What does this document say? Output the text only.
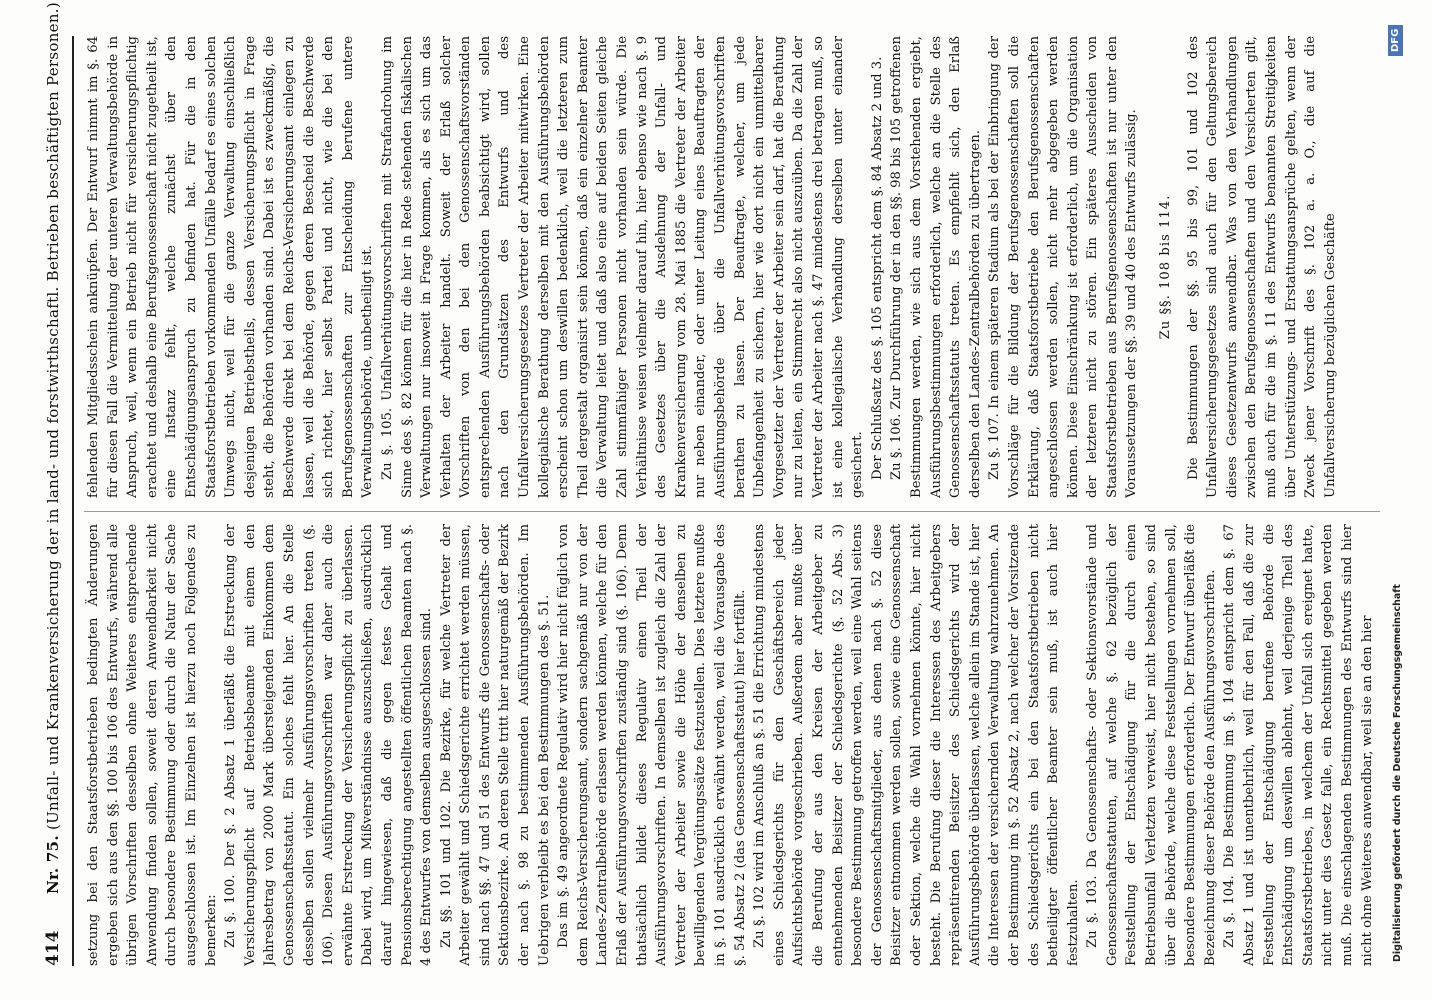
414
Nr. 75. (Unfall- und Krankenversicherung der in land- und forstwirthschaftl. Betrieben beschäftigten Personen.)	setzung bei den Staatsforstbetrieben bedingten Änderungen ergeben sich aus den §§. 100 bis 106 des Entwurfs, während alle übrigen Vorschriften desselben ohne Weiteres entsprechende Anwendung finden sollen, soweit deren Anwendbarkeit nicht durch besondere Bestimmung oder durch die Natur der Sache ausgeschlossen ist. Im Einzelnen ist hierzu noch Folgendes zu bemerken: Zu §. 100. Der §. 2 Absatz 1 überläßt die Erstreckung der Versicherungspflicht auf Betriebsbeamte mit einem den Jahresbetrag von 2000 Mark übersteigenden Einkommen dem Genossenschaftsstatut. Ein solches fehlt hier. An die Stelle desselben sollen vielmehr Ausführungsvorschriften treten (§. 106). Diesen Ausführungsvorschriften war daher auch die erwähnte Erstreckung der Versicherungspflicht zu überlassen. Dabei wird, um Mißverständnisse auszuschließen, ausdrücklich darauf hingewiesen, daß die gegen festes Gehalt und Pensionsberechtigung angestellten öffentlichen Beamten nach §. 4 des Entwurfes von demselben ausgeschlossen sind. Zu §§. 101 und 102. Die Bezirke, für welche Vertreter der Arbeiter gewählt und Schiedsgerichte errichtet werden müssen, sind nach §§. 47 und 51 des Entwurfs die Genossenschafts- oder Sektionsbezirke. An deren Stelle tritt hier naturgemäß der Bezirk der nach §. 98 zu bestimmenden Ausführungsbehörden. Im Uebrigen verbleibt es bei den Bestimmungen des §. 51. Das im §. 49 angeordnete Regulativ wird hier nicht füglich von dem Reichs-Versicherungsamt, sondern sachgemäß nur von der Landes-Zentralbehörde erlassen werden können, welche für den Erlaß der Ausführungsvorschriften zuständig sind (§. 106). Denn thatsächlich bildet dieses Regulativ einen Theil der Ausführungsvorschriften. In demselben ist zugleich die Zahl der Vertreter der Arbeiter sowie die Höhe der denselben zu bewilligenden Vergütungssätze festzustellen. Dies letztere mußte in §. 101 ausdrücklich erwähnt werden, weil die Vorausgabe des §. 54 Absatz 2 (das Genossenschaftsstatut) hier fortfällt. Zu §. 102 wird im Anschluß an §. 51 die Errichtung mindestens eines Schiedsgerichts für den Geschäftsbereich jeder Aufsichtsbehörde vorgeschrieben. Außerdem aber mußte über die Berufung der aus den Kreisen der Arbeitgeber zu entnehmenden Beisitzer der Schiedsgerichte (§. 52 Abs. 3) besondere Bestimmung getroffen werden, weil eine Wahl seitens der Genossenschaftsmitglieder, aus denen nach §. 52 diese Beisitzer entnommen werden sollen, sowie eine Genossenschaft oder Sektion, welche die Wahl vornehmen könnte, hier nicht besteht. Die Berufung dieser die Interessen des Arbeitgebers repräsentirenden Beisitzer des Schiedsgerichts wird der Ausführungsbehörde überlassen, welche allein im Stande ist, hier die Interessen der versichernden Verwaltung wahrzunehmen. An der Bestimmung im §. 52 Absatz 2, nach welcher der Vorsitzende des Schiedsgerichts ein bei den Staatsforstbetrieben nicht betheiligter öffentlicher Beamter sein muß, ist auch hier festzuhalten. Zu §. 103. Da Genossenschafts- oder Sektionsvorstände und Genossenschaftsstatuten, auf welche §. 62 bezüglich der Feststellung der Entschädigung für die durch einen Betriebsunfall Verletzten verweist, hier nicht bestehen, so sind über die Behörde, welche diese Feststellungen vornehmen soll, besondere Bestimmungen erforderlich. Der Entwurf überläßt die Bezeichnung dieser Behörde den Ausführungsvorschriften. Zu §. 104. Die Bestimmung im §. 104 entspricht dem §. 67 Absatz 1 und ist unentbehrlich, weil für den Fall, daß die zur Feststellung der Entschädigung berufene Behörde die Entschädigung um deswillen ablehnt, weil derjenige Theil des Staatsforstbetriebes, in welchem der Unfall sich ereignet hatte, nicht unter dies Gesetz falle, ein Rechtsmittel gegeben werden muß. Die einschlagenden Bestimmungen des Entwurfs sind hier nicht ohne Weiteres anwendbar, weil sie an den hier

fehlenden Mitgliedsschein anknüpfen. Der Entwurf nimmt im §. 64 für diesen Fall die Vermittelung der unteren Verwaltungsbehörde in Anspruch, weil, wenn ein Betrieb nicht für versicherungspflichtig erachtet und deshalb eine Berufsgenossenschaft nicht zugetheilt ist, eine Instanz fehlt, welche zunächst über den Entschädigungsanspruch zu befinden hat. Für die in den Staatsforstbetrieben vorkommenden Unfälle bedarf es eines solchen Umwegs nicht, weil für die ganze Verwaltung einschließlich desjenigen Betriebstheils, dessen Versicherungspflicht in Frage steht, die Behörden vorhanden sind. Dabei ist es zweckmäßig, die Beschwerde direkt bei dem Reichs-Versicherungsamt einlegen zu lassen, weil die Behörde, gegen deren Bescheid die Beschwerde sich richtet, hier selbst Partei und nicht, wie die bei den Berufsgenossenschaften zur Entscheidung berufene untere Verwaltungsbehörde, unbetheiligt ist. Zu §. 105. Unfallverhütungsvorschriften mit Strafandrohung im Sinne des §. 82 können für die hier in Rede stehenden fiskalischen Verwaltungen nur insoweit in Frage kommen, als es sich um das Verhalten der Arbeiter handelt. Soweit der Erlaß solcher Vorschriften von den bei den Genossenschaftsvorständen entsprechenden Ausführungsbehörden beabsichtigt wird, sollen nach den Grundsätzen des Entwurfs und des Unfallversicherungsgesetzes Vertreter der Arbeiter mitwirken. Eine kollegialische Berathung derselben mit den Ausführungsbehörden erscheint schon um deswillen bedenklich, weil die letzteren zum Theil dergestalt organisirt sein können, daß ein einzelner Beamter die Verwaltung leitet und daß also eine auf beiden Seiten gleiche Zahl stimmfähiger Personen nicht vorhanden sein würde. Die Verhältnisse weisen vielmehr darauf hin, hier ebenso wie nach §. 9 des Gesetzes über die Ausdehnung der Unfall- und Krankenversicherung vom 28. Mai 1885 die Vertreter der Arbeiter nur neben einander, oder unter Leitung eines Beauftragten der Ausführungsbehörde über die Unfallverhütungsvorschriften berathen zu lassen. Der Beauftragte, welcher, um jede Unbefangenheit zu sichern, hier wie dort nicht ein unmittelbarer Vorgesetzter der Vertreter der Arbeiter sein darf, hat die Berathung nur zu leiten, ein Stimmrecht also nicht auszuüben. Da die Zahl der Vertreter der Arbeiter nach §. 47 mindestens drei betragen muß, so ist eine kollegialische Verhandlung derselben unter einander gesichert. Der Schlußsatz des §. 105 entspricht dem §. 84 Absatz 2 und 3. Zu §. 106. Zur Durchführung der in den §§. 98 bis 105 getroffenen Bestimmungen werden, wie sich aus dem Vorstehenden ergiebt, Ausführungsbestimmungen erforderlich, welche an die Stelle des Genossenschaftsstatuts treten. Es empfiehlt sich, den Erlaß derselben den Landes-Zentralbehörden zu übertragen. Zu §. 107. In einem späteren Stadium als bei der Einbringung der Vorschläge für die Bildung der Berufsgenossenschaften soll die Erklärung, daß Staatsforstbetriebe den Berufsgenossenschaften angeschlossen werden sollen, nicht mehr abgegeben werden können. Diese Einschränkung ist erforderlich, um die Organisation der letzteren nicht zu stören. Ein späteres Ausscheiden von Staatsforstbetrieben aus Berufsgenossenschaften ist nur unter den Voraussetzungen der §§. 39 und 40 des Entwurfs zulässig. Zu §§. 108 bis 114. Die Bestimmungen der §§. 95 bis 99, 101 und 102 des Unfallversicherungsgesetzes sind auch für den Geltungsbereich dieses Gesetzentwurfs anwendbar. Was von den Verhandlungen zwischen den Berufsgenossenschaften und den Versicherten gilt, muß auch für die im §. 11 des Entwurfs benannten Streitigkeiten über Unterstützungs- und Erstattungsansprüche gelten, wenn der Zweck jener Vorschrift des §. 102 a. a. O., die auf die Unfallversicherung bezüglichen Geschäfte

Digitalisierung gefördert durch die Deutsche Forschungsgemeinschaft
DFG
